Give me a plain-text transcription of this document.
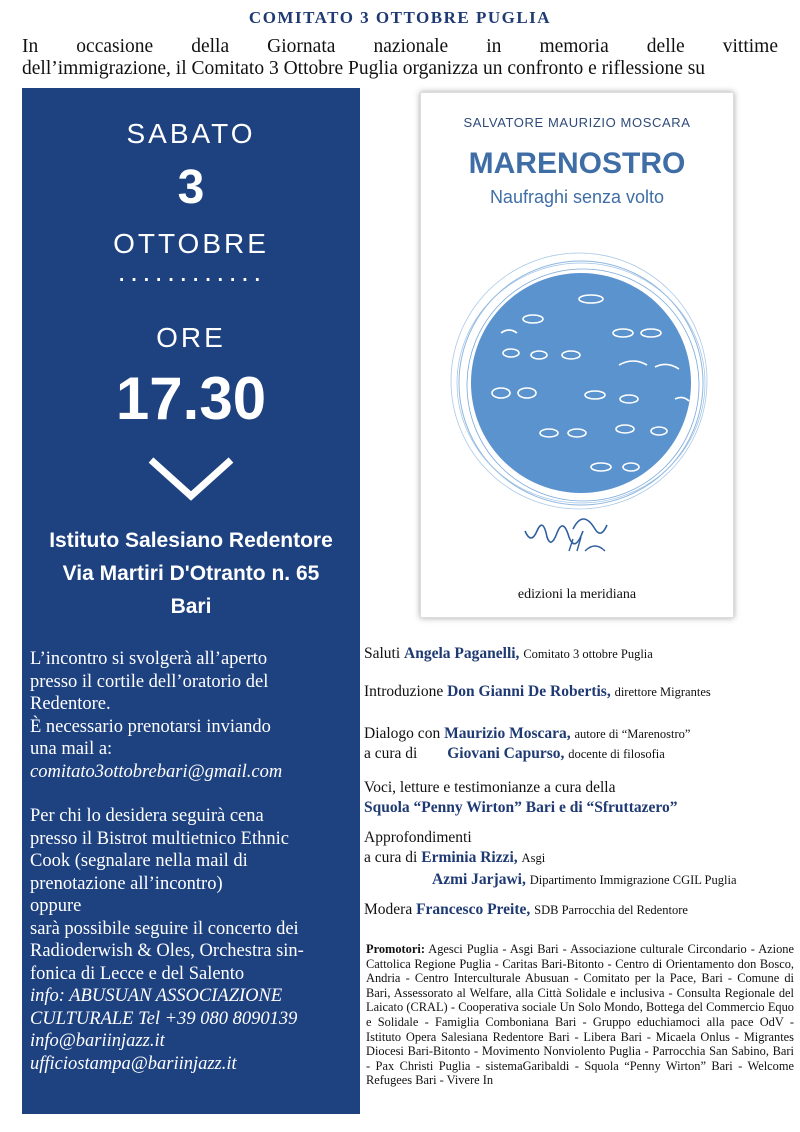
COMITATO 3 OTTOBRE PUGLIA
In occasione della Giornata nazionale in memoria delle vittime
dell’immigrazione, il Comitato 3 Ottobre Puglia organizza un confronto e riflessione su
SABATO
3
OTTOBRE
············
ORE
17.30
Istituto Salesiano Redentore
Via Martiri D'Otranto n. 65
Bari

L’incontro si svolgerà all’aperto

presso il cortile dell’oratorio del

Redentore.

È necessario prenotarsi inviando

una mail a:

comitato3ottobrebari@gmail.com

Per chi lo desidera seguirà cena

presso il Bistrot multietnico Ethnic

Cook (segnalare nella mail di

prenotazione all’incontro)

oppure

sarà possibile seguire il concerto dei

Radioderwish & Oles, Orchestra sin-

fonica di Lecce e del Salento

info: ABUSUAN ASSOCIAZIONE

CULTURALE Tel +39 080 8090139

info@bariinjazz.it

ufficiostampa@bariinjazz.it

SALVATORE MAURIZIO MOSCARA
MARENOSTRO
Naufraghi senza volto
edizioni la meridiana
Saluti Angela Paganelli, Comitato 3 ottobre Puglia
Introduzione Don Gianni De Robertis, direttore Migrantes
Dialogo con Maurizio Moscara, autore di “Marenostro”
a cura di Giovani Capurso, docente di filosofia
Voci, letture e testimonianze a cura della
Squola “Penny Wirton” Bari e di “Sfruttazero”
Approfondimenti
a cura di Erminia Rizzi, Asgi
Azmi Jarjawi, Dipartimento Immigrazione CGIL Puglia
Modera Francesco Preite, SDB Parrocchia del Redentore
Promotori: Agesci Puglia - Asgi Bari - Associazione culturale Circondario - Azione Cattolica Regione Puglia - Caritas Bari-Bitonto - Centro di Orientamento don Bosco, Andria - Centro Interculturale Abusuan - Comitato per la Pace, Bari - Comune di Bari, Assessorato al Welfare, alla Città Solidale e inclusiva - Consulta Regionale del Laicato (CRAL) - Cooperativa sociale Un Solo Mondo, Bottega del Commercio Equo e Solidale - Famiglia Comboniana Bari - Gruppo educhiamoci alla pace OdV - Istituto Opera Salesiana Redentore Bari - Libera Bari - Micaela Onlus - Migrantes Diocesi Bari-Bitonto - Movimento Nonviolento Puglia - Parrocchia San Sabino, Bari - Pax Christi Puglia - sistemaGaribaldi - Squola “Penny Wirton” Bari - Welcome Refugees Bari - Vivere In
